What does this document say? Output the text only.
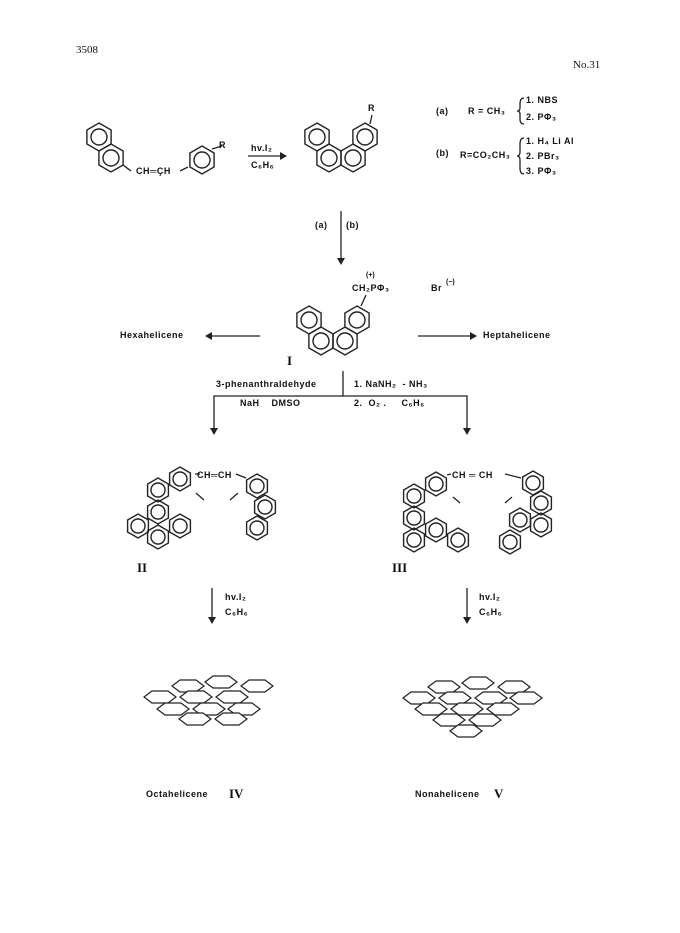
3508
No.31
R
CH═ÇH
hv.I₂
C₆H₆
R	(a) R = CH₃
1. NBS
2. PΦ₃
(b) R=CO₂CH₃
1. H₄ Li Al
2. PBr₃
3. PΦ₃
(a) (b)
(+)
CH₂PΦ₃	Br
(−)
I
Hexahelicene	Heptahelicene
3-phenanthraldehyde
NaH    DMSO
1. NaNH₂  - NH₃
2.  O₂ .     C₆H₆
CH═CH
II
CH ═ CH
III
hv.I₂
C₆H₆
hv.I₂
C₆H₆
Octahelicene IV	Nonahelicene V
